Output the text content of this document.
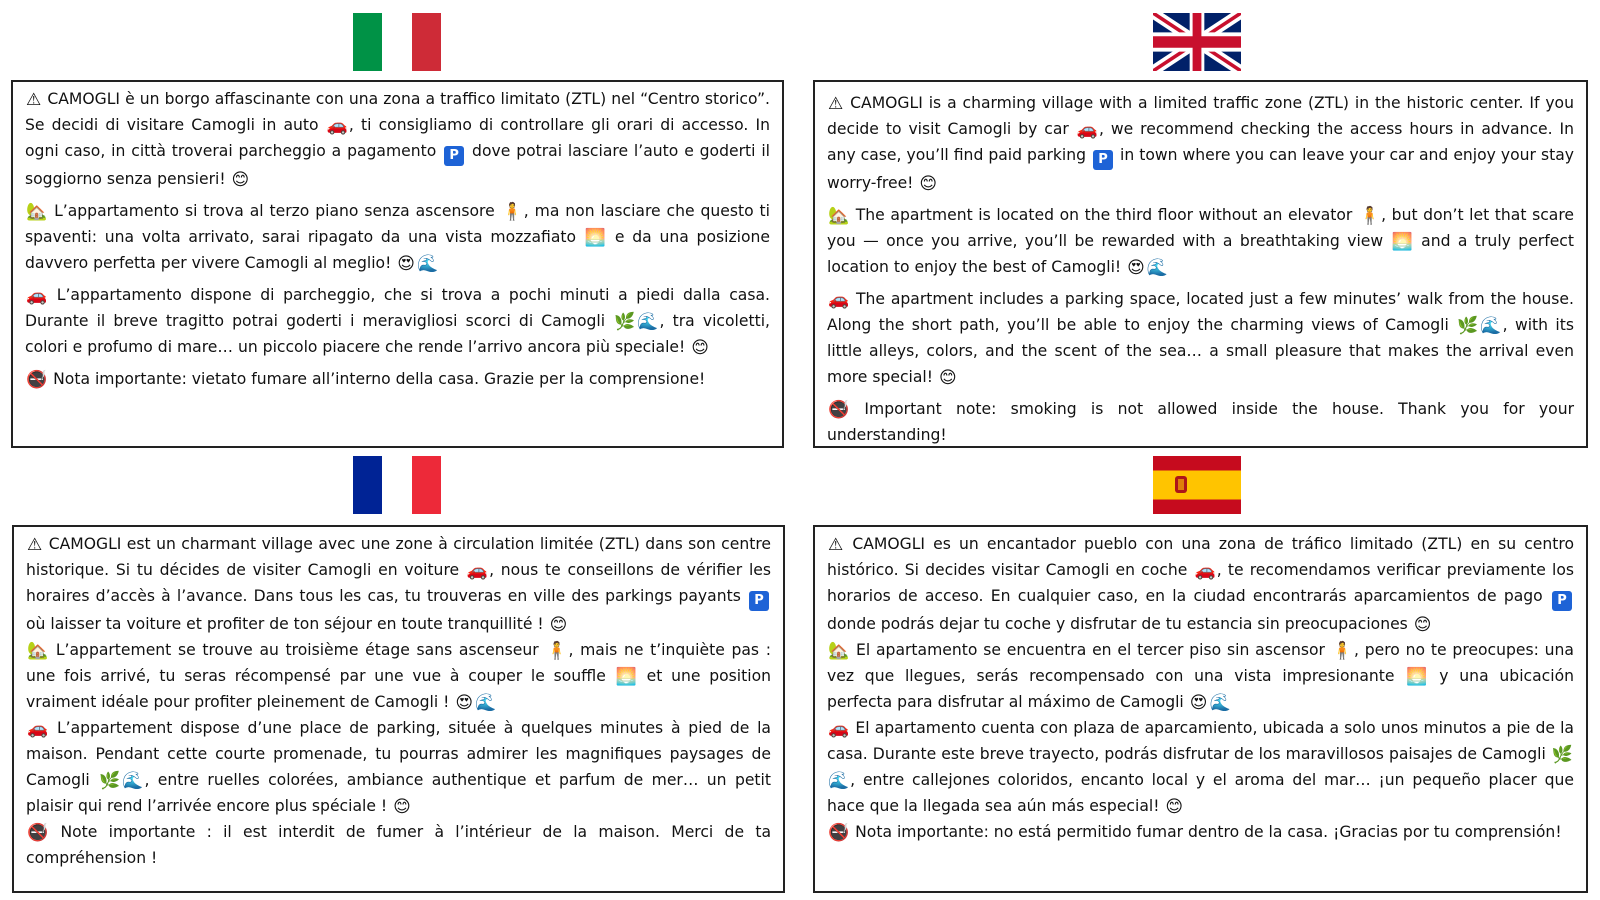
⚠ CAMOGLI è un borgo affascinante con una zona a traffico limitato (ZTL) nel “Centro storico”. Se decidi di visitare Camogli in auto 🚗, ti consigliamo di controllare gli orari di accesso. In ogni caso, in città troverai parcheggio a pagamento P dove potrai lasciare l’auto e goderti il soggiorno senza pensieri! 😊

🏡 L’appartamento si trova al terzo piano senza ascensore 🧍, ma non lasciare che questo ti spaventi: una volta arrivato, sarai ripagato da una vista mozzafiato 🌅 e da una posizione davvero perfetta per vivere Camogli al meglio! 😍 🌊

🚗 L’appartamento dispone di parcheggio, che si trova a pochi minuti a piedi dalla casa. Durante il breve tragitto potrai goderti i meravigliosi scorci di Camogli 🌿 🌊, tra vicoletti, colori e profumo di mare… un piccolo piacere che rende l’arrivo ancora più speciale! 😊

🚭 Nota importante: vietato fumare all’interno della casa. Grazie per la comprensione!

⚠ CAMOGLI is a charming village with a limited traffic zone (ZTL) in the historic center. If you decide to visit Camogli by car 🚗, we recommend checking the access hours in advance. In any case, you’ll find paid parking P in town where you can leave your car and enjoy your stay worry-free! 😊

🏡 The apartment is located on the third floor without an elevator 🧍, but don’t let that scare you — once you arrive, you’ll be rewarded with a breathtaking view 🌅 and a truly perfect location to enjoy the best of Camogli! 😍 🌊

🚗 The apartment includes a parking space, located just a few minutes’ walk from the house. Along the short path, you’ll be able to enjoy the charming views of Camogli 🌿 🌊, with its little alleys, colors, and the scent of the sea… a small pleasure that makes the arrival even more special! 😊

🚭 Important note: smoking is not allowed inside the house. Thank you for your understanding!

⚠ CAMOGLI est un charmant village avec une zone à circulation limitée (ZTL) dans son centre historique. Si tu décides de visiter Camogli en voiture 🚗, nous te conseillons de vérifier les horaires d’accès à l’avance. Dans tous les cas, tu trouveras en ville des parkings payants P où laisser ta voiture et profiter de ton séjour en toute tranquillité ! 😊

🏡 L’appartement se trouve au troisième étage sans ascenseur 🧍, mais ne t’inquiète pas : une fois arrivé, tu seras récompensé par une vue à couper le souffle 🌅 et une position vraiment idéale pour profiter pleinement de Camogli ! 😍 🌊

🚗 L’appartement dispose d’une place de parking, située à quelques minutes à pied de la maison. Pendant cette courte promenade, tu pourras admirer les magnifiques paysages de Camogli 🌿 🌊, entre ruelles colorées, ambiance authentique et parfum de mer… un petit plaisir qui rend l’arrivée encore plus spéciale ! 😊

🚭 Note importante : il est interdit de fumer à l’intérieur de la maison. Merci de ta compréhension !

⚠ CAMOGLI es un encantador pueblo con una zona de tráfico limitado (ZTL) en su centro histórico. Si decides visitar Camogli en coche 🚗, te recomendamos verificar previamente los horarios de acceso. En cualquier caso, en la ciudad encontrarás aparcamientos de pago P donde podrás dejar tu coche y disfrutar de tu estancia sin preocupaciones 😊

🏡 El apartamento se encuentra en el tercer piso sin ascensor 🧍, pero no te preocupes: una vez que llegues, serás recompensado con una vista impresionante 🌅 y una ubicación perfecta para disfrutar al máximo de Camogli 😍 🌊

🚗 El apartamento cuenta con plaza de aparcamiento, ubicada a solo unos minutos a pie de la casa. Durante este breve trayecto, podrás disfrutar de los maravillosos paisajes de Camogli 🌿🌊, entre callejones coloridos, encanto local y el aroma del mar… ¡un pequeño placer que hace que la llegada sea aún más especial! 😊

🚭 Nota importante: no está permitido fumar dentro de la casa. ¡Gracias por tu comprensión!
